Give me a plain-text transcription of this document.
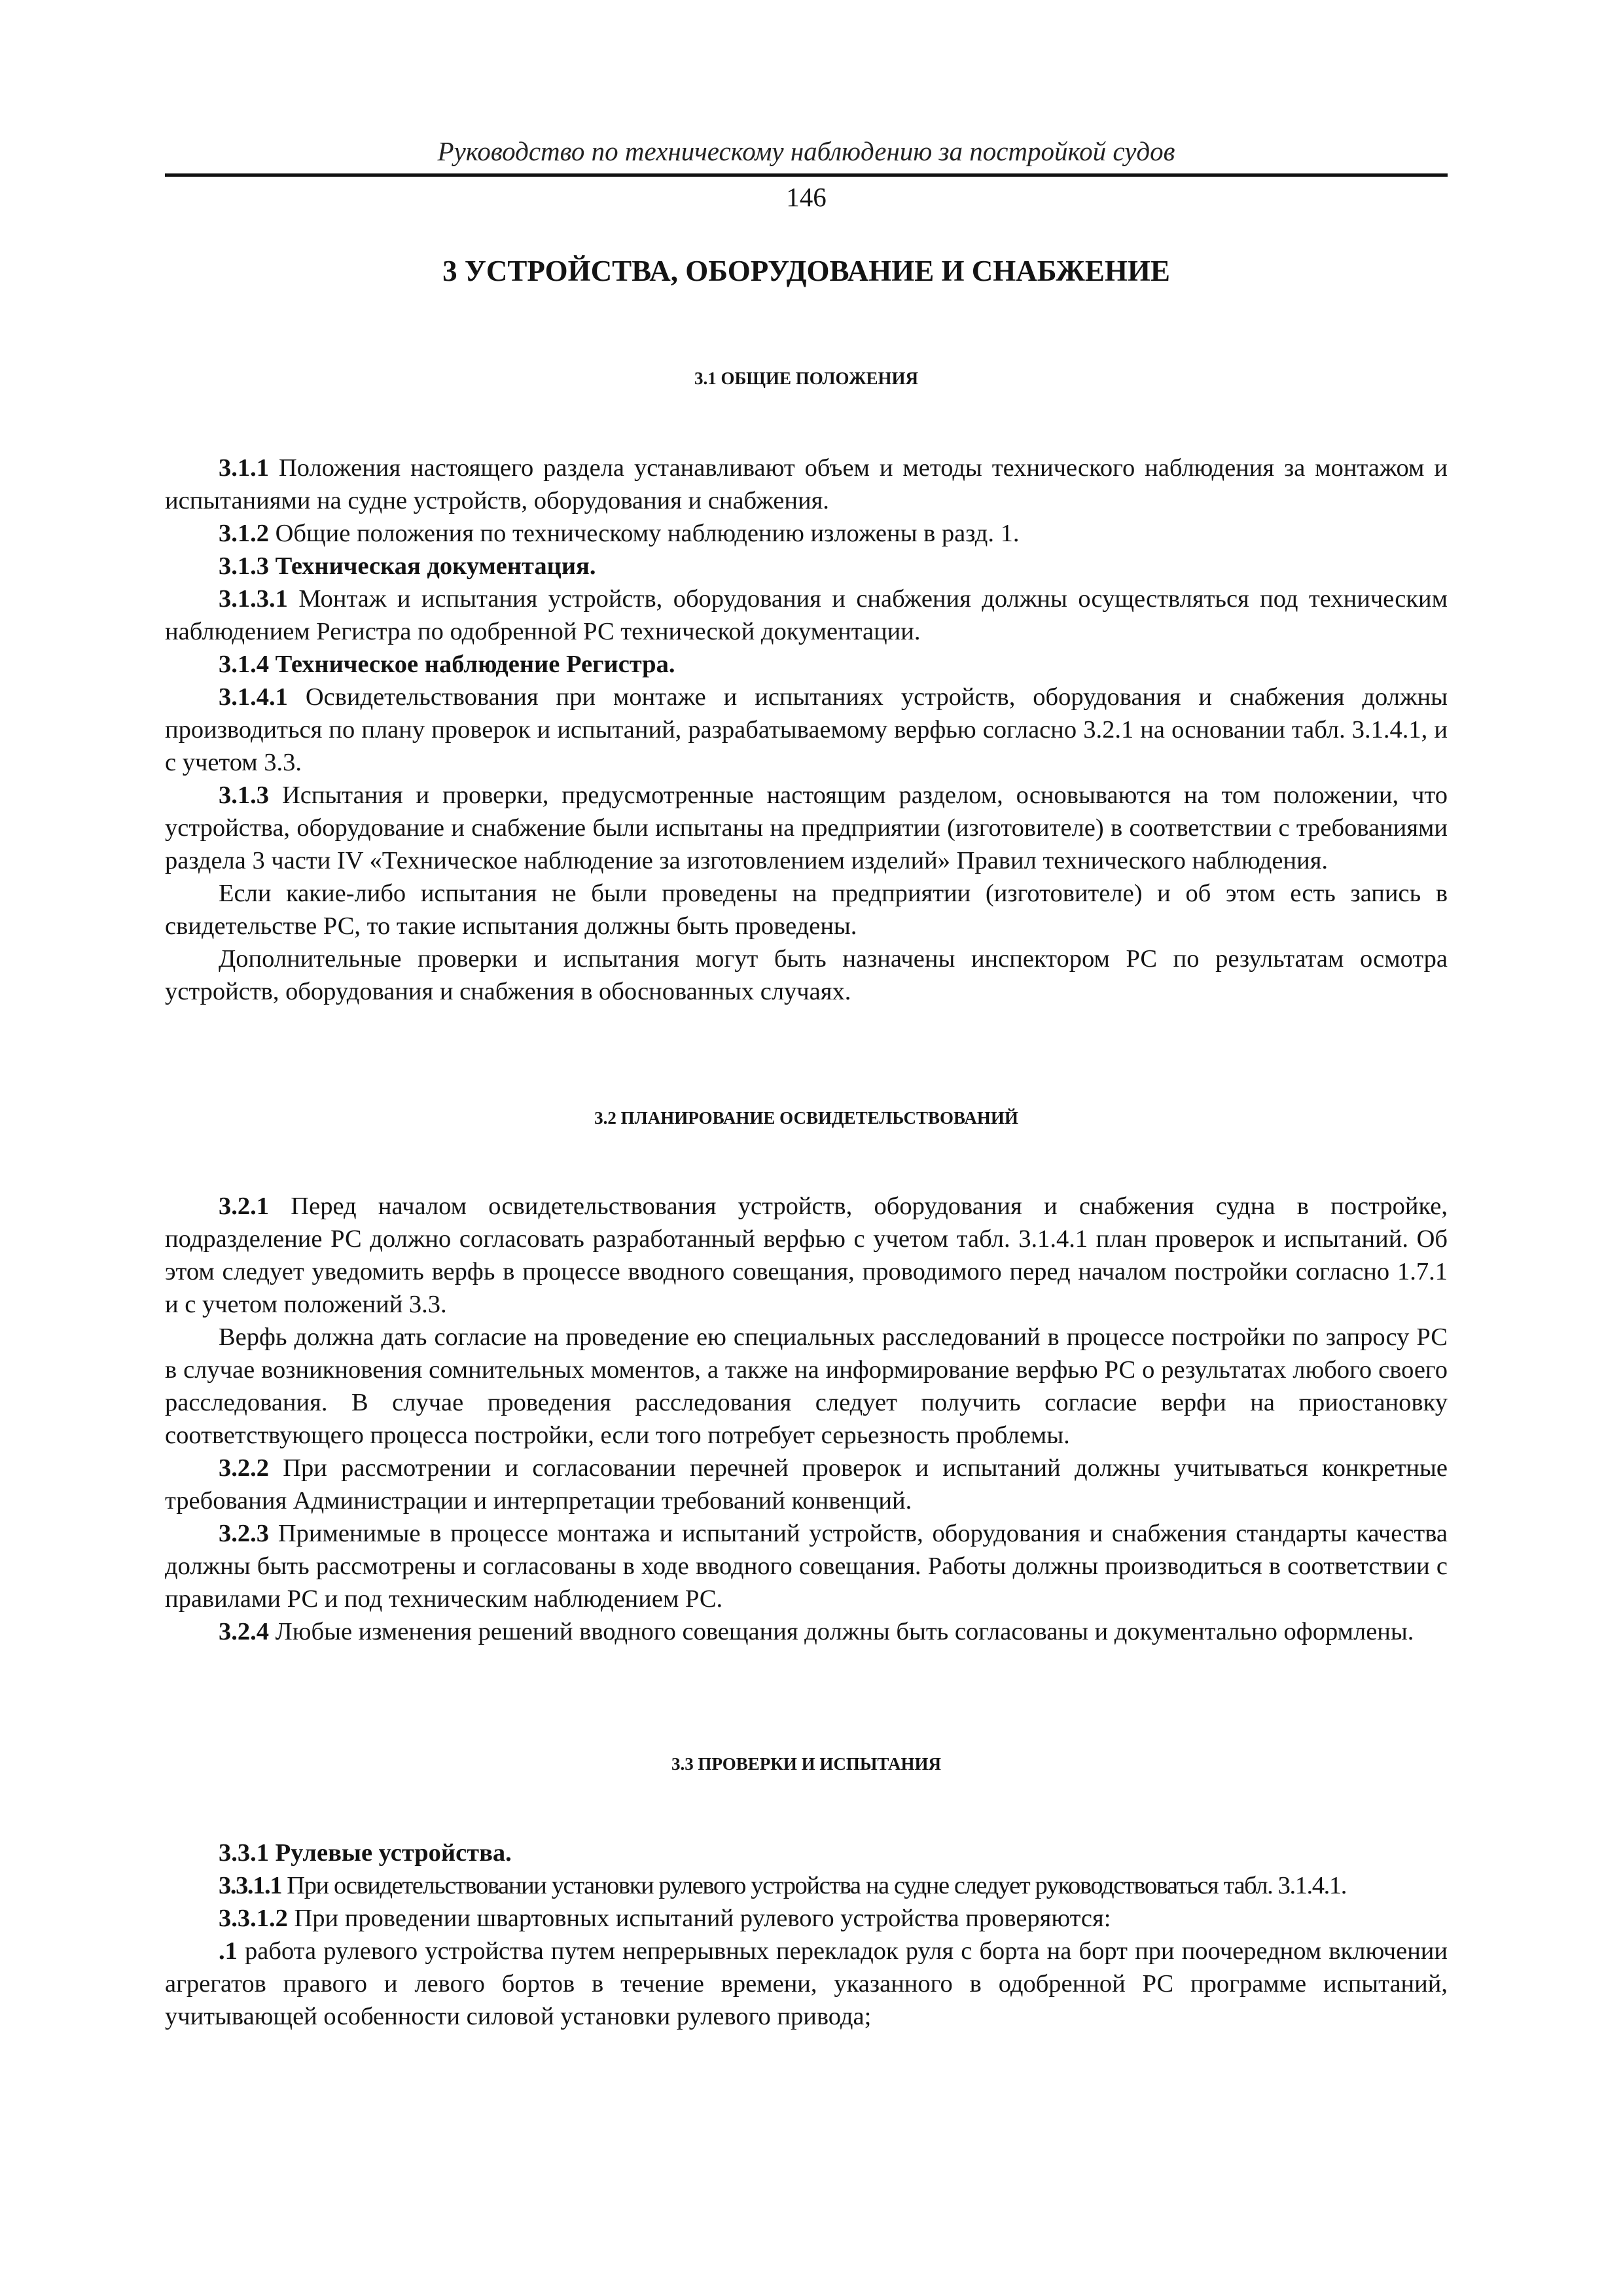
Руководство по техническому наблюдению за постройкой судов
146
3 УСТРОЙСТВА, ОБОРУДОВАНИЕ И СНАБЖЕНИЕ
3.1 ОБЩИЕ ПОЛОЖЕНИЯ

3.1.1 Положения настоящего раздела устанавливают объем и методы технического наблюдения за монтажом и испытаниями на судне устройств, оборудования и снабжения.

3.1.2 Общие положения по техническому наблюдению изложены в разд. 1.

3.1.3 Техническая документация.

3.1.3.1 Монтаж и испытания устройств, оборудования и снабжения должны осуществляться под техническим наблюдением Регистра по одобренной РС технической документации.

3.1.4 Техническое наблюдение Регистра.

3.1.4.1 Освидетельствования при монтаже и испытаниях устройств, оборудования и снабжения должны производиться по плану проверок и испытаний, разрабатываемому верфью согласно 3.2.1 на основании табл. 3.1.4.1, и с учетом 3.3.

3.1.3 Испытания и проверки, предусмотренные настоящим разделом, основываются на том положении, что устройства, оборудование и снабжение были испытаны на предприятии (изготовителе) в соответствии с требованиями раздела 3 части IV «Техническое наблюдение за изготовлением изделий» Правил технического наблюдения.

Если какие-либо испытания не были проведены на предприятии (изготовителе) и об этом есть запись в свидетельстве РС, то такие испытания должны быть проведены.

Дополнительные проверки и испытания могут быть назначены инспектором РС по результатам осмотра устройств, оборудования и снабжения в обоснованных случаях.

3.2 ПЛАНИРОВАНИЕ ОСВИДЕТЕЛЬСТВОВАНИЙ

3.2.1 Перед началом освидетельствования устройств, оборудования и снабжения судна в постройке, подразделение РС должно согласовать разработанный верфью с учетом табл. 3.1.4.1 план проверок и испытаний. Об этом следует уведомить верфь в процессе вводного совещания, проводимого перед началом постройки согласно 1.7.1 и с учетом положений 3.3.

Верфь должна дать согласие на проведение ею специальных расследований в процессе постройки по запросу РС в случае возникновения сомнительных моментов, а также на информирование верфью РС о результатах любого своего расследования. В случае проведения расследования следует получить согласие верфи на приостановку соответствующего процесса постройки, если того потребует серьезность проблемы.

3.2.2 При рассмотрении и согласовании перечней проверок и испытаний должны учитываться конкретные требования Администрации и интерпретации требований конвенций.

3.2.3 Применимые в процессе монтажа и испытаний устройств, оборудования и снабжения стандарты качества должны быть рассмотрены и согласованы в ходе вводного совещания. Работы должны производиться в соответствии с правилами РС и под техническим наблюдением РС.

3.2.4 Любые изменения решений вводного совещания должны быть согласованы и документально оформлены.

3.3 ПРОВЕРКИ И ИСПЫТАНИЯ

3.3.1 Рулевые устройства.

3.3.1.1 При освидетельствовании установки рулевого устройства на судне следует руководствоваться табл. 3.1.4.1.

3.3.1.2 При проведении швартовных испытаний рулевого устройства проверяются:

.1 работа рулевого устройства путем непрерывных перекладок руля с борта на борт при поочередном включении агрегатов правого и левого бортов в течение времени, указанного в одобренной РС программе испытаний, учитывающей особенности силовой установки рулевого привода;
